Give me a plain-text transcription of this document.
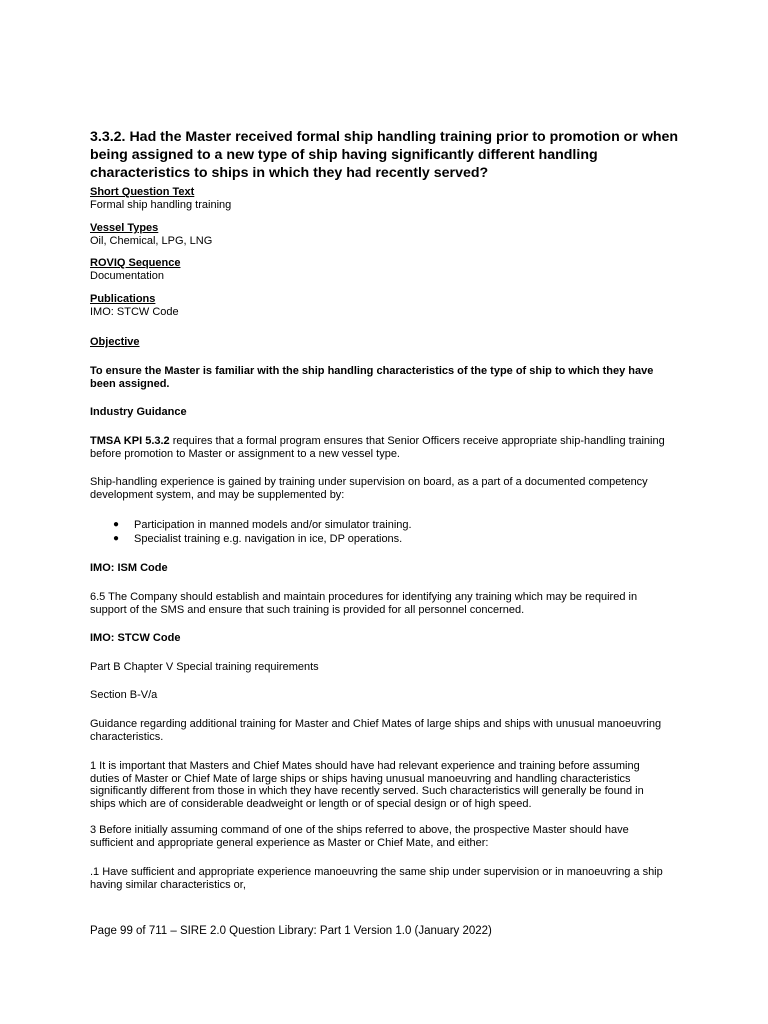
3.3.2. Had the Master received formal ship handling training prior to promotion or when being assigned to a new type of ship having significantly different handling characteristics to ships in which they had recently served?
Short Question Text
Formal ship handling training
Vessel Types
Oil, Chemical, LPG, LNG
ROVIQ Sequence
Documentation
Publications
IMO: STCW Code

Objective

To ensure the Master is familiar with the ship handling characteristics of the type of ship to which they have been assigned.

Industry Guidance

TMSA KPI 5.3.2 requires that a formal program ensures that Senior Officers receive appropriate ship-handling training before promotion to Master or assignment to a new vessel type.

Ship-handling experience is gained by training under supervision on board, as a part of a documented competency development system, and may be supplemented by:

● Participation in manned models and/or simulator training.
● Specialist training e.g. navigation in ice, DP operations.

IMO: ISM Code

6.5 The Company should establish and maintain procedures for identifying any training which may be required in support of the SMS and ensure that such training is provided for all personnel concerned.

IMO: STCW Code

Part B Chapter V Special training requirements

Section B-V/a

Guidance regarding additional training for Master and Chief Mates of large ships and ships with unusual manoeuvring characteristics.

1 It is important that Masters and Chief Mates should have had relevant experience and training before assuming duties of Master or Chief Mate of large ships or ships having unusual manoeuvring and handling characteristics significantly different from those in which they have recently served. Such characteristics will generally be found in ships which are of considerable deadweight or length or of special design or of high speed.

3 Before initially assuming command of one of the ships referred to above, the prospective Master should have sufficient and appropriate general experience as Master or Chief Mate, and either:

.1 Have sufficient and appropriate experience manoeuvring the same ship under supervision or in manoeuvring a ship having similar characteristics or,

Page 99 of 711 – SIRE 2.0 Question Library: Part 1 Version 1.0 (January 2022)
